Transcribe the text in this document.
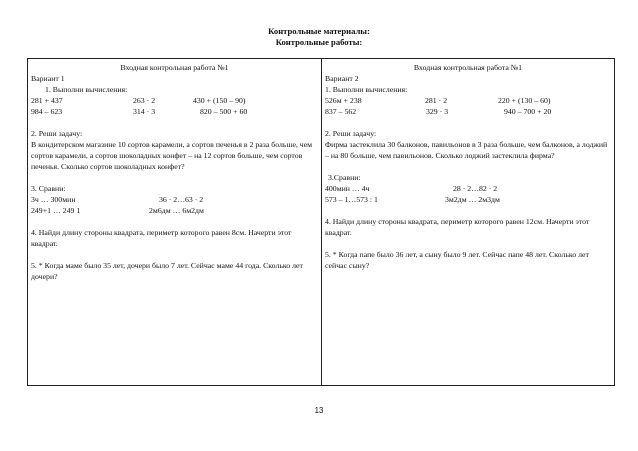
Контрольные материалы:
Контрольные работы:
Входная контрольная работа №1
Вариант 1
1. Выполни вычисления:
281 + 437	263 · 2	430 + (150 – 90)
984 – 623	314 · 3	820 – 500 + 60
2. Реши задачу:
В кондитерском магазине 10 сортов карамели, а сортов печенья в 2 раза больше, чем сортов карамели, а сортов шоколадных конфет – на 12 сортов больше, чем сортов печенья. Сколько сортов шоколадных конфет?
3. Сравни:
3ч … 300мин	36 · 2…63 · 2
249+1 … 249 1	2м6дм … 6м2дм
4. Найди длину стороны квадрата, периметр которого равен 8см. Начерти этот квадрат.
5. * Когда маме было 35 лет, дочери было 7 лет. Сейчас маме 44 года. Сколько лет дочери?
Входная контрольная работа №1
Вариант 2
1. Выполни вычисления:
526м + 238	281 · 2	220 + (130 – 60)
837 – 562	329 · 3	940 – 700 + 20
2. Реши задачу:
Фирма застеклила 30 балконов, павильонов в 3 раза больше, чем балконов, а лоджий – на 80 больше, чем павильонов. Сколько лоджий застеклила фирма?
3.Сравни:
400мин … 4ч	28 · 2…82 · 2
573 – 1…573 : 1	3м2дм … 2м3дм
4. Найди длину стороны квадрата, периметр которого равен 12см. Начерти этот квадрат.
5. * Когда папе было 36 лет, а сыну было 9 лет. Сейчас папе 48 лет. Сколько лет сейчас сыну?
13
